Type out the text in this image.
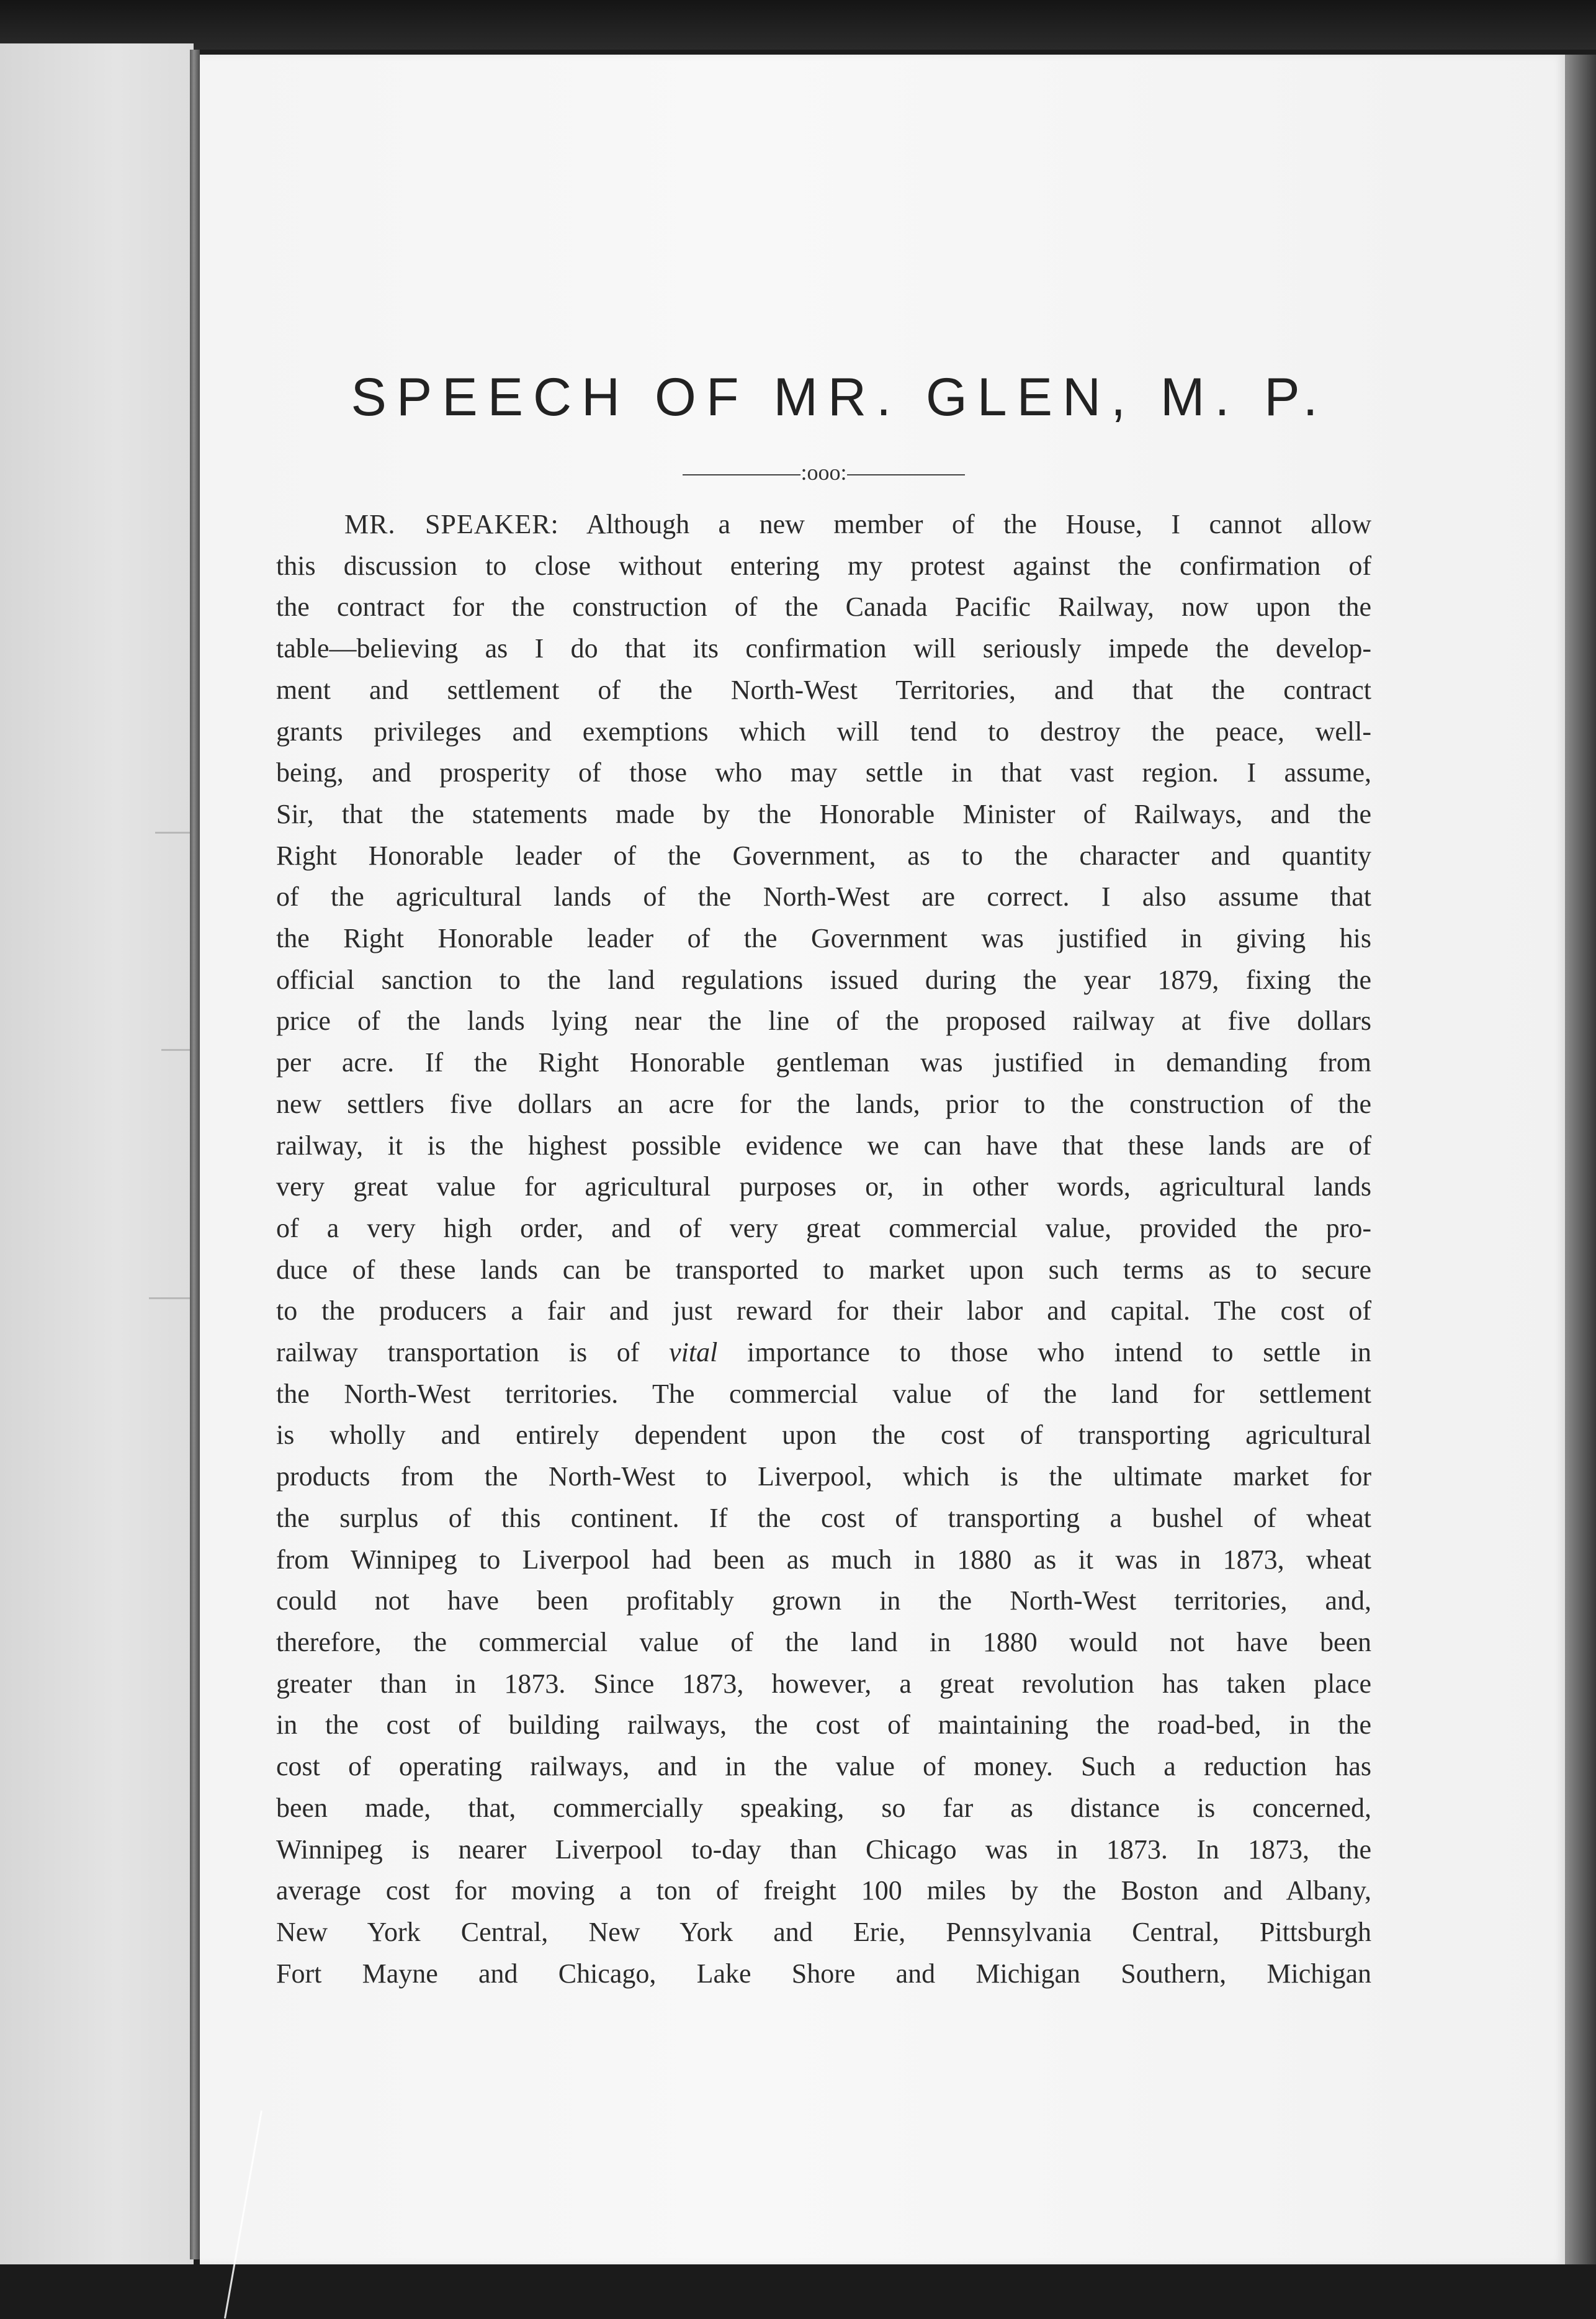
SPEECH OF MR. GLEN, M. P.
:ooo:
MR. SPEAKER: Although a new member of the House, I cannot allow
this discussion to close without entering my protest against the confirmation of
the contract for the construction of the Canada Pacific Railway, now upon the
table—believing as I do that its confirmation will seriously impede the develop-
ment and settlement of the North-West Territories, and that the contract
grants privileges and exemptions which will tend to destroy the peace, well-
being, and prosperity of those who may settle in that vast region. I assume,
Sir, that the statements made by the Honorable Minister of Railways, and the
Right Honorable leader of the Government, as to the character and quantity
of the agricultural lands of the North-West are correct. I also assume that
the Right Honorable leader of the Government was justified in giving his
official sanction to the land regulations issued during the year 1879, fixing the
price of the lands lying near the line of the proposed railway at five dollars
per acre. If the Right Honorable gentleman was justified in demanding from
new settlers five dollars an acre for the lands, prior to the construction of the
railway, it is the highest possible evidence we can have that these lands are of
very great value for agricultural purposes or, in other words, agricultural lands
of a very high order, and of very great commercial value, provided the pro-
duce of these lands can be transported to market upon such terms as to secure
to the producers a fair and just reward for their labor and capital. The cost of
railway transportation is of vital importance to those who intend to settle in
the North-West territories. The commercial value of the land for settlement
is wholly and entirely dependent upon the cost of transporting agricultural
products from the North-West to Liverpool, which is the ultimate market for
the surplus of this continent. If the cost of transporting a bushel of wheat
from Winnipeg to Liverpool had been as much in 1880 as it was in 1873, wheat
could not have been profitably grown in the North-West territories, and,
therefore, the commercial value of the land in 1880 would not have been
greater than in 1873. Since 1873, however, a great revolution has taken place
in the cost of building railways, the cost of maintaining the road-bed, in the
cost of operating railways, and in the value of money. Such a reduction has
been made, that, commercially speaking, so far as distance is concerned,
Winnipeg is nearer Liverpool to-day than Chicago was in 1873. In 1873, the
average cost for moving a ton of freight 100 miles by the Boston and Albany,
New York Central, New York and Erie, Pennsylvania Central, Pittsburgh
Fort Mayne and Chicago, Lake Shore and Michigan Southern, Michigan
